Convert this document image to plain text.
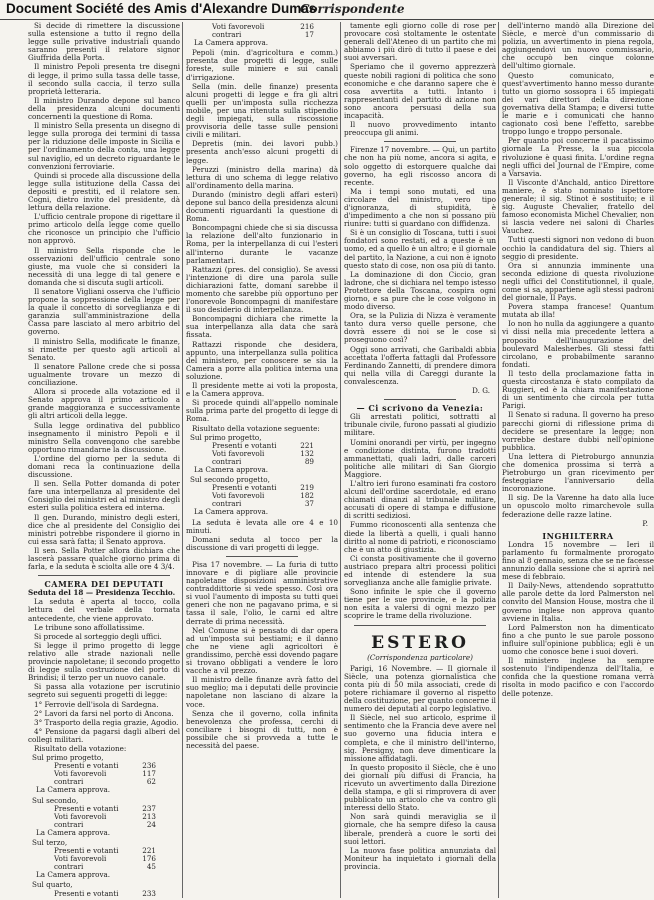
Document Société des Amis d'Alexandre Dumas
Corrispondente

Si decide di rimettere la discussione sulla estensione a tutto il regno della legge sulle privative industriali quando saranno presenti il relatore signor Giuffrida della Porta.

Il ministro Pepoli presenta tre disegni di legge, il primo sulla tassa delle tasse, il secondo sulla caccia, il terzo sulla proprietà letteraria.

Il ministro Durando depone sul banco della presidenza alcuni documenti concernenti la questione di Roma.

Il ministro Sella presenta un disegno di legge sulla proroga dei termini di tassa per la riduzione delle imposte in Sicilia e per l'ordinamento della conta, una legge sul naviglio, ed un decreto riguardante le convenzioni ferroviarie.

Quindi si procede alla discussione della legge sulla istituzione della Cassa dei depositi e prestiti, ed il relatore sen. Cogni, dietro invito del presidente, dà lettura della relazione.

L'ufficio centrale propone di rigettare il primo articolo della legge come quello che riconosce un principio che l'ufficio non approvò.

Il ministro Sella risponde che le osservazioni dell'ufficio centrale sono giuste, ma vuole che si consideri la necessità di una legge di tal genere e domanda che si discuta sugli articoli.

Il senatore Vigliani osserva che l'ufficio propone la soppressione della legge per la quale il concetto di sorveglianza e di garanzia sull'amministrazione della Cassa pare lasciato al mero arbitrio del governo.

Il ministro Sella, modificate le finanze, si rimette per questo agli articoli al Senato.

Il senatore Pallone crede che si possa ugualmente trovare un mezzo di conciliazione.

Allora si procede alla votazione ed il Senato approva il primo articolo a grande maggioranza e successivamente gli altri articoli della legge.

Sulla legge ordinativa del pubblico insegnamento il ministro Pepoli e il ministro Sella convengono che sarebbe opportuno rimandarne la discussione.

L'ordine del giorno per la seduta di domani reca la continuazione della discussione.

Il sen. Sella Potter domanda di poter fare una interpellanza al presidente del Consiglio dei ministri ed al ministro degli esteri sulla politica estera ed interna.

Il gen. Durando, ministro degli esteri, dice che al presidente del Consiglio dei ministri potrebbe rispondere il giorno in cui essa sarà fatta; il Senato approva.

Il sen. Sella Potter allora dichiara che lascerà passare qualche giorno prima di farla, e la seduta è sciolta alle ore 4 3/4.

CAMERA DEI DEPUTATI
Seduta del 18 — Presidenza Tecchio.

La seduta è aperta al tocco, colla lettura del verbale della tornata antecedente, che viene approvato.

Le tribune sono affollatissime.

Si procede al sorteggio degli uffici.

Si legge il primo progetto di legge relativo alle strade nazionali nelle provincie napoletane; il secondo progetto di legge sulla costruzione del porto di Brindisi; il terzo per un nuovo canale.

Si passa alla votazione per iscrutinio segreto sui seguenti progetti di legge:

1° Ferrovie dell'isola di Sardegna.

2° Lavori da farsi nel porto di Ancona.

3° Trasporto della regia grazie, Agodio.

4° Pensione da pagarsi dagli alberi del collegi militari.

Risultato della votazione:
Sul primo progetto,
Presenti e votanti	236
Voti favorevoli	117
contrari	62
La Camera approva.
Sul secondo,
Presenti e votanti	237
Voti favorevoli	213
contrari	24
La Camera approva.
Sul terzo,
Presenti e votanti	221
Voti favorevoli	176
contrari	45
La Camera approva.
Sul quarto,
Presenti e votanti	233
Voti favorevoli	216
contrari	17
La Camera approva.

Pepoli (min. d'agricoltura e comm.) presenta due progetti di legge, sulle foreste, sulle miniere e sui canali d'irrigazione.

Sella (min. delle finanze) presenta alcuni progetti di legge e fra gli altri quelli per un'imposta sulla ricchezza mobile, per una ritenuta sulla stipendio degli impiegati, sulla riscossione provvisoria delle tasse sulle pensioni civili e militari.

Depretis (min. dei lavori pubb.) presenta anch'esso alcuni progetti di legge.

Peruzzi (ministro della marina) dà lettura di uno schema di legge relativo all'ordinamento della marina.

Durando (ministro degli affari esteri) depone sul banco della presidenza alcuni documenti riguardanti la questione di Roma.

Boncompagni chiede che si sia discussa la relazione dell'alto funzionario in Roma, per la interpellanza di cui l'esteri all'interno durante le vacanze parlamentari.

Rattazzi (pres. del consiglio). Se avessi l'intenzione di dire una parola sulle dichiarazioni fatte, domani sarebbe il momento che sarebbe più opportuno per l'onorevole Boncompagni di manifestare il suo desiderio di interpellanza.

Boncompagni dichiara che rimette la sua interpellanza alla data che sarà fissata.

Rattazzi risponde che desidera, appunto, una interpellanza sulla politica del ministero, per conoscere se sia la Camera a porre alla politica interna una soluzione.

Il presidente mette ai voti la proposta, e la Camera approva.

Si procede quindi all'appello nominale sulla prima parte del progetto di legge di Roma.

Risultato della votazione seguente:
Sul primo progetto,
Presenti e votanti	221
Voti favorevoli	132
contrari	89
La Camera approva.
Sul secondo progetto,
Presenti e votanti	219
Voti favorevoli	182
contrari	37
La Camera approva.

La seduta è levata alle ore 4 e 10 minuti.

Domani seduta al tocco per la discussione di vari progetti di legge.

Pisa 17 novembre. — La furia di tutto innovare e di pigliare alle provincie napoletane disposizioni amministrative contraddittorie si vede spesso. Così ora si vuol l'aumento di imposta su tutti quei generi che non ne pagavano prima, e si tassa il sale, l'olio, le carni ed altre derrate di prima necessità.

Nel Comune si è pensato di dar opera ad un'imposta sui bestiami; e il danno che ne viene agli agricoltori è grandissimo, perchè essi dovendo pagare si trovano obbligati a vendere le loro vacche a vil prezzo.

Il ministro delle finanze avrà fatto del suo meglio; ma i deputati delle provincie napoletane non lasciano di alzare la voce.

Senza che il governo, colla infinita benevolenza che professa, cerchi di conciliare i bisogni di tutti, non è possibile che si provveda a tutte le necessità del paese.

tamente egli giorno colle di rose per provocare così stoltamente le ostentate generali dell'Ateneo di un partito che mi abbiamo i più dirò di tutto il paese e dei suoi avversari.

Speriamo che il governo apprezzerà queste nobili ragioni di politica che sono economiche e che daranno sapere che è cosa avvertita a tutti. Intanto i rappresentanti del partito di azione non sono ancora persuasi della sua incapacità.

Il nuovo provvedimento intanto preoccupa gli animi.

Firenze 17 novembre. — Qui, un partito che non ha più nome, ancora si agita, e solo oggetto di estorquere qualche dai governo, ha egli riscosso ancora di recente.

Ma i tempi sono mutati, ed una circolare del ministro, vero tipo d'ignoranza, di stupidità, è d'impedimento a che non si possano più riunire: tutti si guardano con diffidenza.

Si è un consiglio di Toscana, tutti i suoi fondatori sono restati, ed a queste è un uomo, ed a quello è un altro; e il giornale del partito, la Nazione, a cui non è ignoto questo stato di cose, non osa più di tanto.

La dominazione di don Ciccio, gran ladrone, che si dichiara nel tempo istesso Protettore della Toscana, cospira ogni giorno, e sa pure che le cose volgono in modo diverso.

Ora, se la Pulizia di Nizza è veramente tanto dura verso quelle persone, che dovrà essere di noi se le cose si proseguono così?

Oggi sono arrivati, che Garibaldi abbia accettata l'offerta fattagli dal Professore Ferdinando Zannetti, di prendere dimora qui nella villa di Careggi durante la convalescenza.

D. G.
— Ci scrivono da Venezia:

Gli arrestati politici, sottratti al tribunale civile, furono passati al giudizio militare.

Uomini onorandi per virtù, per ingegno e condizione distinta, furono tradotti ammanettati, quali ladri, dalle carceri politiche alle militari di San Giorgio Maggiore.

L'altro ieri furono esaminati fra costoro alcuni dell'ordine sacerdotale, ed erano chiamati dinanzi al tribunale militare, accusati di opere di stampa e diffusione di scritti sediziosi.

Fummo riconoscenti alla sentenza che diede la libertà a quelli, i quali hanno diritto al nome di patrioti, e riconosciamo che è un atto di giustizia.

Ci consta positivamente che il governo austriaco prepara altri processi politici ed intende di estendere la sua sorveglianza anche alle famiglie private.

Sono infinite le spie che il governo tiene per le sue provincie, e la polizia non esita a valersi di ogni mezzo per scoprire le trame della rivoluzione.

ESTERO
(Corrispondenza particolare)

Parigi, 16 Novembre. — Il giornale il Siècle, una potenza giornalistica che conta più di 50 mila associati, crede di potere richiamare il governo al rispetto della costituzione, per quanto concerne il numero dei deputati al corpo legislativo.

Il Siècle, nel suo articolo, esprime il sentimento che la Francia deve avere nel suo governo una fiducia intera e completa, e che il ministro dell'interno, sig. Persigny, non deve dimenticare la missione affidatagli.

In questo proposito il Siècle, che è uno dei giornali più diffusi di Francia, ha ricevuto un avvertimento dalla Direzione della stampa, e gli si rimprovera di aver pubblicato un articolo che va contro gli interessi dello Stato.

Non sarà quindi meraviglia se il giornale, che ha sempre difeso la causa liberale, prenderà a cuore le sorti dei suoi lettori.

La nuova fase politica annunziata dal Moniteur ha inquietato i giornali della provincia.

dell'interno mandò alla Direzione del Siècle, e mercè d'un commissario di polizia, un avvertimento in piena regola, aggiungendovi un nuovo commissario, che occupò ben cinque colonne dell'ultimo giornale.

Questo comunicato, e quest'avvertimento hanno messo durante tutto un giorno sossopra i 65 impiegati dei vari direttori della direzione governativa della Stampa; e diversi tutte le marie e i comunicati che hanno cagionato così bene l'effetto, sarebbe troppo lungo e troppo personale.

Per quanto poi concerne il pacatissimo giornale La Presse, la sua piccola rivoluzione è quasi finita. L'ordine regna negli uffici del Journal de l'Empire, come a Varsavia.

Il Visconte d'Anchald, antico Direttore maniere, è stato nominato ispettore generale; il sig. Stinot è sostituito; e il sig. Auguste Chevalier, fratello del famoso economista Michel Chevalier, non si lascia vedere nei saloni di Charles Vauchez.

Tutti questi signori non vedono di buon occhio la candidatura del sig. Thiers al seggio di presidente.

Ora si annunzia imminente una seconda edizione di questa rivoluzione negli uffici del Constitutionnel, il quale, come si sa, appartiene agli stessi padroni del giornale, Il Pays.

Povera stampa francese! Quantum mutata ab illa!

Io non ho nulla da aggiungere a quanto vi dissi nella mia precedente lettera a proposito dell'inaugurazione del boulevard Malesherbes. Gli stessi fatti circolano, e probabilmente saranno fondati.

Il testo della proclamazione fatta in questa circostanza è stato compilato da Ruggieri, ed è la chiara manifestazione di un sentimento che circola per tutta Parigi.

Il Senato si raduna. Il governo ha preso parecchi giorni di riflessione prima di decidere se presentare la legge; non vorrebbe destare dubbi nell'opinione pubblica.

Una lettera di Pietroburgo annunzia che domenica prossima si terrà a Pietroburgo un gran ricevimento per festeggiare l'anniversario della incoronazione.

Il sig. De la Varenne ha dato alla luce un opuscolo molto rimarchevole sulla federazione delle razze latine.

P.
INGHILTERRA

Londra 15 novembre — Ieri il parlamento fu formalmente prorogato fino al 8 gennaio, senza che se ne facesse annunzio dalla sessione che si aprirà nel mese di febbraio.

Il Daily-News, attendendo soprattutto alle parole dette da lord Palmerston nel convito del Mansion House, mostra che il governo inglese non approva quanto avviene in Italia.

Lord Palmerston non ha dimenticato fino a che punto le sue parole possono influire sull'opinione pubblica; egli è un uomo che conosce bene i suoi doveri.

Il ministero inglese ha sempre sostenuto l'indipendenza dell'Italia, e confida che la questione romana verrà risolta in modo pacifico e con l'accordo delle potenze.
